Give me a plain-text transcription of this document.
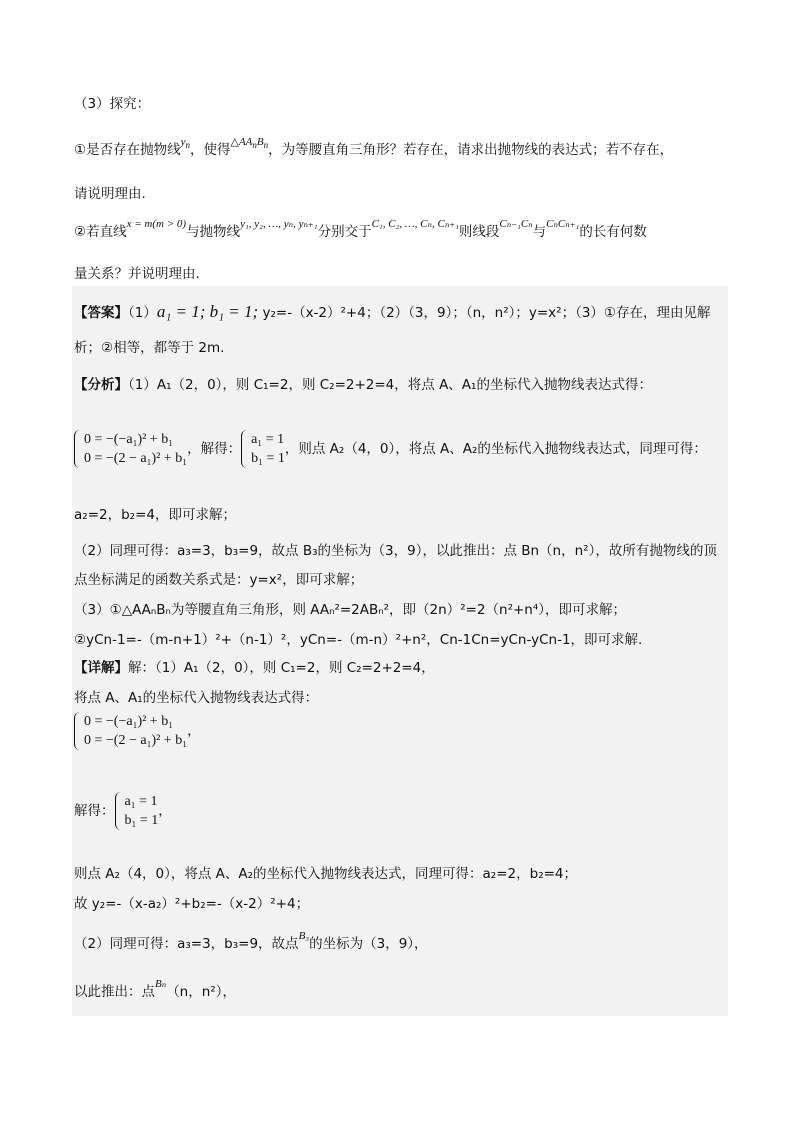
（3）探究：
①是否存在抛物线$^{y_n}$，使得$^{\triangle AA_nB_n}$，为等腰直角三角形？若存在，请求出抛物线的表达式；若不存在，
请说明理由.
②若直线$^{x = m(m > 0)}$与抛物线$^{y_1, y_2, \dots, y_n, y_{n+1}}$分别交于$^{C_1, C_2, \dots, C_n, C_{n+1}}$则线段$^{C_{n-1}C_n}$与$^{C_nC_{n+1}}$的长有何数
量关系？并说明理由.
【答案】（1）a₁ = 1; b₁ = 1; y₂=-（x-2）²+4；（2）（3，9）；（n，n²）；y=x²；（3）①存在，理由见解
析；②相等，都等于 2m.
【分析】（1）A₁（2，0），则 C₁=2，则 C₂=2+2=4，将点 A、A₁的坐标代入抛物线表达式得：
0 = −(−a₁)² + b₁
0 = −(2 − a₁)² + b₁
，解得：
a₁ = 1
b₁ = 1
，则点 A₂（4，0），将点 A、A₂的坐标代入抛物线表达式，同理可得：
a₂=2，b₂=4，即可求解；
（2）同理可得：a₃=3，b₃=9，故点 B₃的坐标为（3，9），以此推出：点 Bn（n，n²），故所有抛物线的顶
点坐标满足的函数关系式是：y=x²，即可求解；
（3）①△AAₙBₙ为等腰直角三角形，则 AAₙ²=2ABₙ²，即（2n）²=2（n²+n⁴），即可求解；
②yCn-1=-（m-n+1）²+（n-1）²，yCn=-（m-n）²+n²，Cn-1Cn=yCn-yCn-1，即可求解.
【详解】解：（1）A₁（2，0），则 C₁=2，则 C₂=2+2=4，
将点 A、A₁的坐标代入抛物线表达式得：
0 = −(−a₁)² + b₁
0 = −(2 − a₁)² + b₁
，
解得：
a₁ = 1
b₁ = 1
，
则点 A₂（4，0），将点 A、A₂的坐标代入抛物线表达式，同理可得：a₂=2，b₂=4；
故 y₂=-（x-a₂）²+b₂=-（x-2）²+4；
（2）同理可得：a₃=3，b₃=9，故点$^{B_3}$的坐标为（3，9），
以此推出：点$^{B_n}$（n，n²），
